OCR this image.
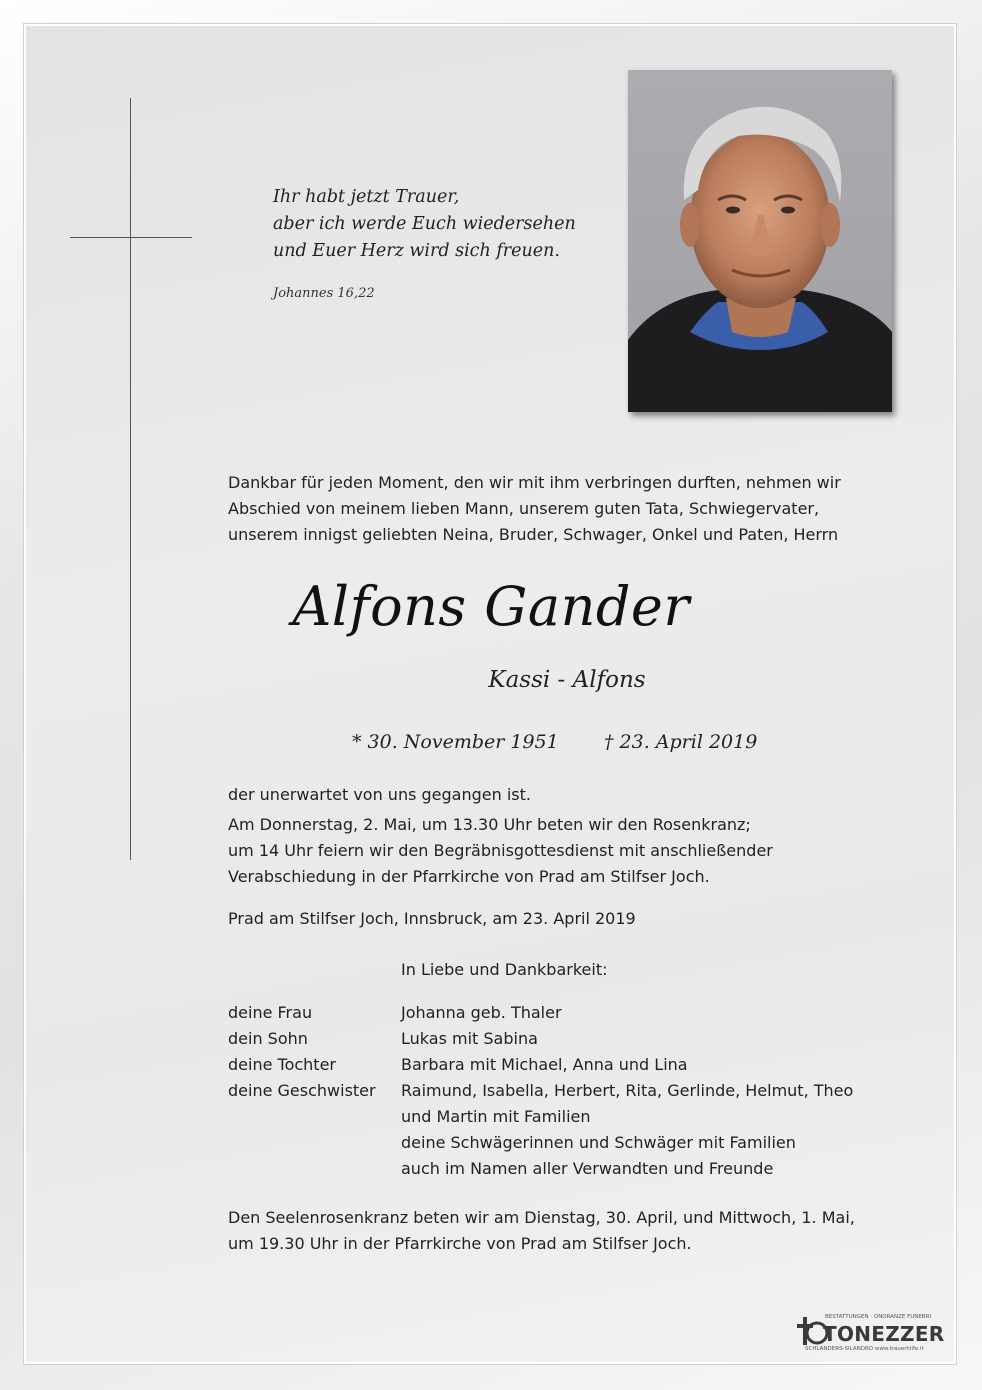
Ihr habt jetzt Trauer,
aber ich werde Euch wiedersehen
und Euer Herz wird sich freuen.
Johannes 16,22
Dankbar für jeden Moment, den wir mit ihm verbringen durften, nehmen wir
Abschied von meinem lieben Mann, unserem guten Tata, Schwiegervater,
unserem innigst geliebten Neina, Bruder, Schwager, Onkel und Paten, Herrn
Alfons Gander
Kassi - Alfons
* 30. November 1951 † 23. April 2019
der unerwartet von uns gegangen ist.
Am Donnerstag, 2. Mai, um 13.30 Uhr beten wir den Rosenkranz;
um 14 Uhr feiern wir den Begräbnisgottesdienst mit anschließender
Verabschiedung in der Pfarrkirche von Prad am Stilfser Joch.
Prad am Stilfser Joch, Innsbruck, am 23. April 2019
In Liebe und Dankbarkeit:
deine Frau	Johanna geb. Thaler
dein Sohn	Lukas mit Sabina
deine Tochter	Barbara mit Michael, Anna und Lina
deine Geschwister	Raimund, Isabella, Herbert, Rita, Gerlinde, Helmut, Theo
und Martin mit Familien
deine Schwägerinnen und Schwäger mit Familien
auch im Namen aller Verwandten und Freunde
Den Seelenrosenkranz beten wir am Dienstag, 30. April, und Mittwoch, 1. Mai,
um 19.30 Uhr in der Pfarrkirche von Prad am Stilfser Joch.
BESTATTUNGEN · ONORANZE FUNEBRI
TONEZZER
SCHLANDERS-SILANDRO www.trauerhilfe.it
